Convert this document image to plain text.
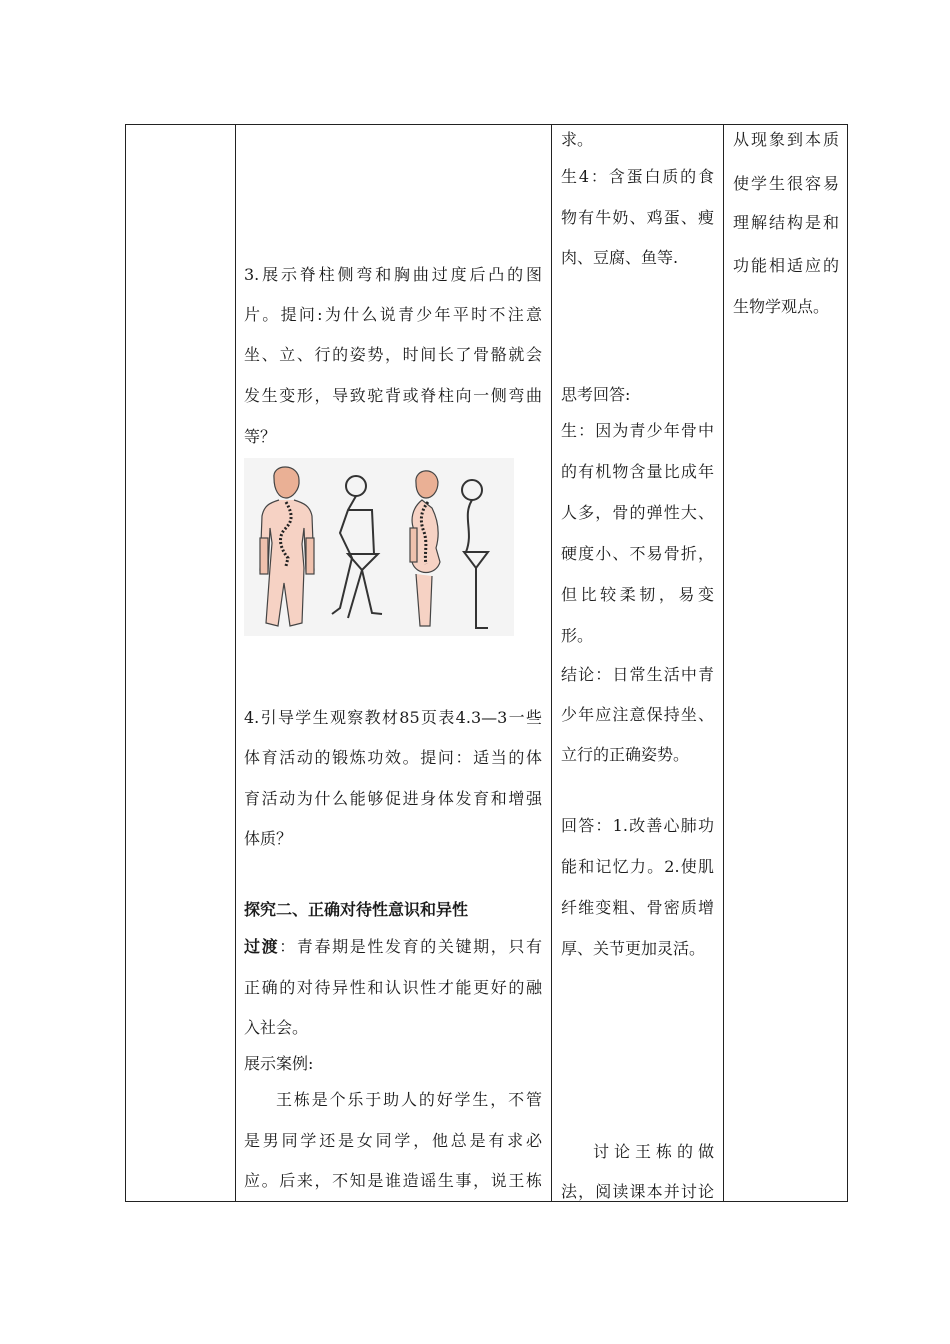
3.展示脊柱侧弯和胸曲过度后凸的图
片。提问:为什么说青少年平时不注意
坐、立、行的姿势，时间长了骨骼就会
发生变形，导致驼背或脊柱向一侧弯曲
等？
4.引导学生观察教材85页表4.3—3一些
体育活动的锻炼功效。提问：适当的体
育活动为什么能够促进身体发育和增强
体质？
探究二、正确对待性意识和异性
过渡：青春期是性发育的关键期，只有
正确的对待异性和认识性才能更好的融
入社会。
展示案例:
王栋是个乐于助人的好学生，不管
是男同学还是女同学，他总是有求必
应。后来，不知是谁造谣生事，说王栋
求。
生4：含蛋白质的食
物有牛奶、鸡蛋、瘦
肉、豆腐、鱼等.
思考回答:
生：因为青少年骨中
的有机物含量比成年
人多，骨的弹性大、
硬度小、不易骨折，
但比较柔韧，易变
形。
结论：日常生活中青
少年应注意保持坐、
立行的正确姿势。
回答：1.改善心肺功
能和记忆力。2.使肌
纤维变粗、骨密质增
厚、关节更加灵活。
讨论王栋的做
法，阅读课本并讨论
从现象到本质
使学生很容易
理解结构是和
功能相适应的
生物学观点。
